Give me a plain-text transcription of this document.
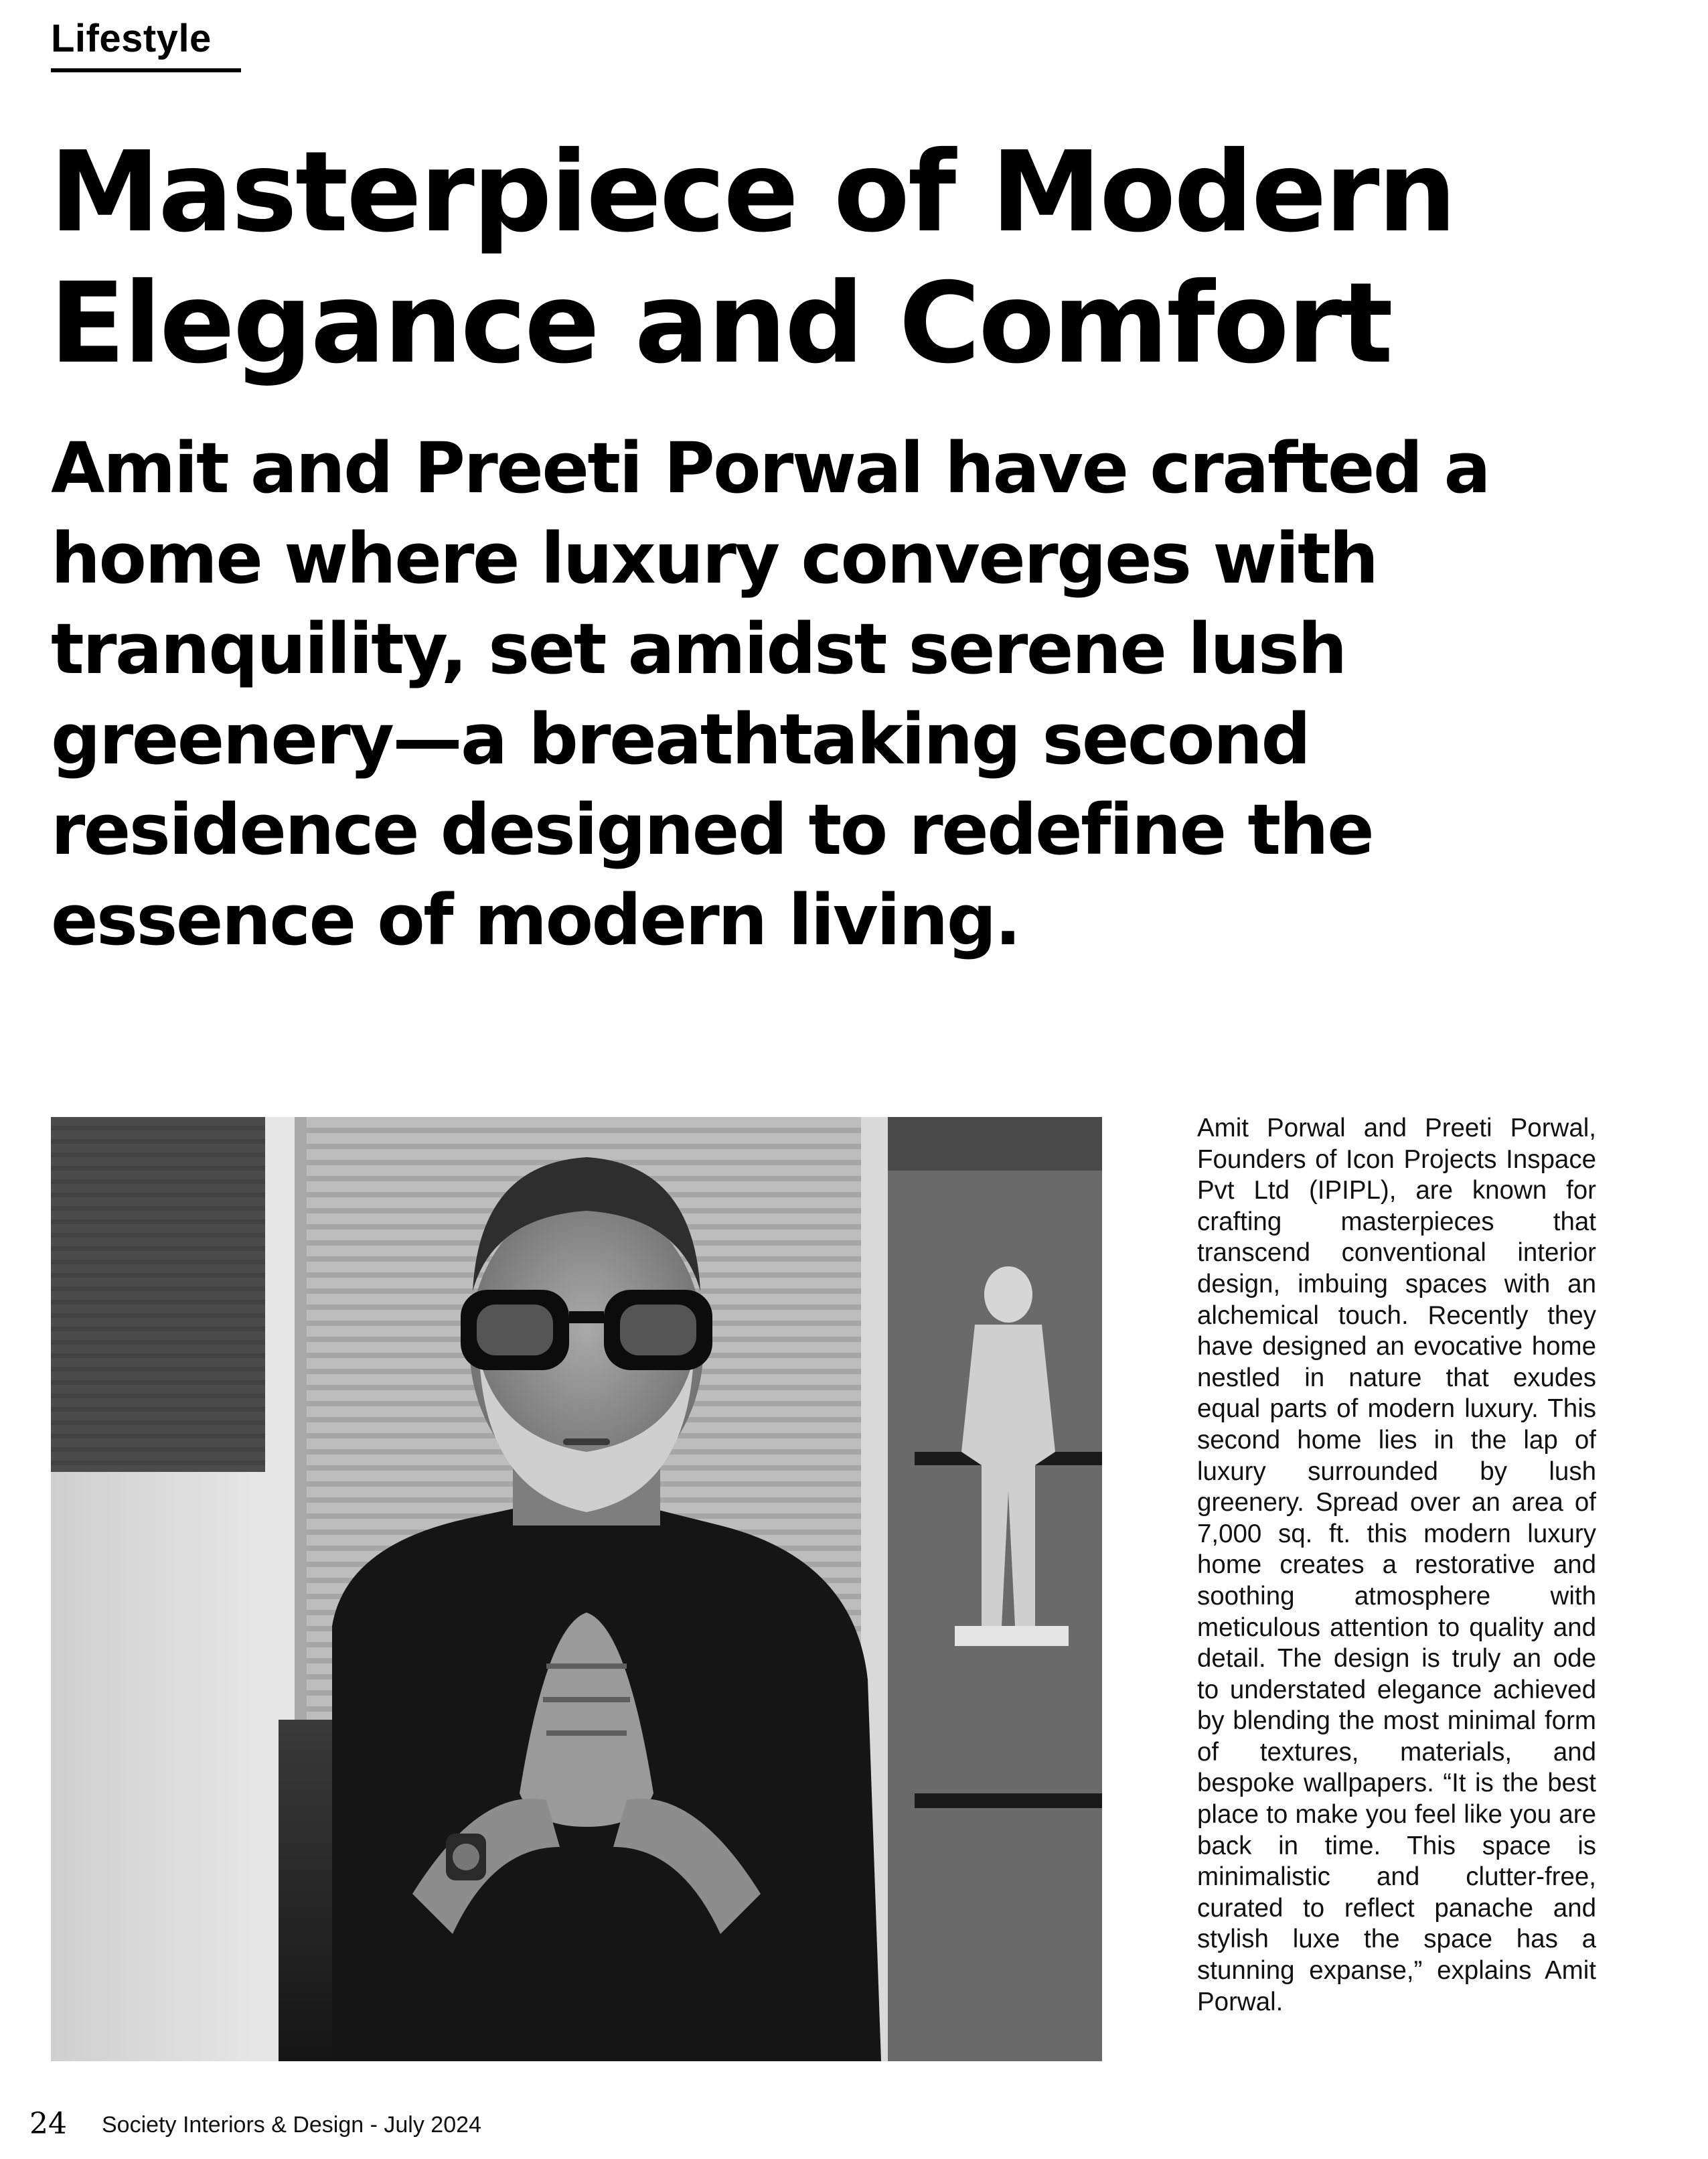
Lifestyle
Masterpiece of Modern
Elegance and Comfort

Amit and Preeti Porwal have crafted a home where luxury converges with tranquility, set amidst serene lush greenery—a breathtaking second residence designed to redefine the essence of modern living.

Amit Porwal and Preeti Porwal, Founders of Icon Projects Inspace Pvt Ltd (IPIPL), are known for crafting masterpieces that transcend conventional interior design, imbuing spaces with an alchemical touch. Recently they have designed an evocative home nestled in nature that exudes equal parts of modern luxury. This second home lies in the lap of luxury surrounded by lush greenery. Spread over an area of 7,000 sq. ft. this modern luxury home creates a restorative and soothing atmosphere with meticulous attention to quality and detail. The design is truly an ode to understated elegance achieved by blending the most minimal form of textures, materials, and bespoke wallpapers. “It is the best place to make you feel like you are back in time. This space is minimalistic and clutter-free, curated to reflect panache and stylish luxe the space has a stunning expanse,” explains Amit Porwal.

24 Society Interiors & Design - July 2024
